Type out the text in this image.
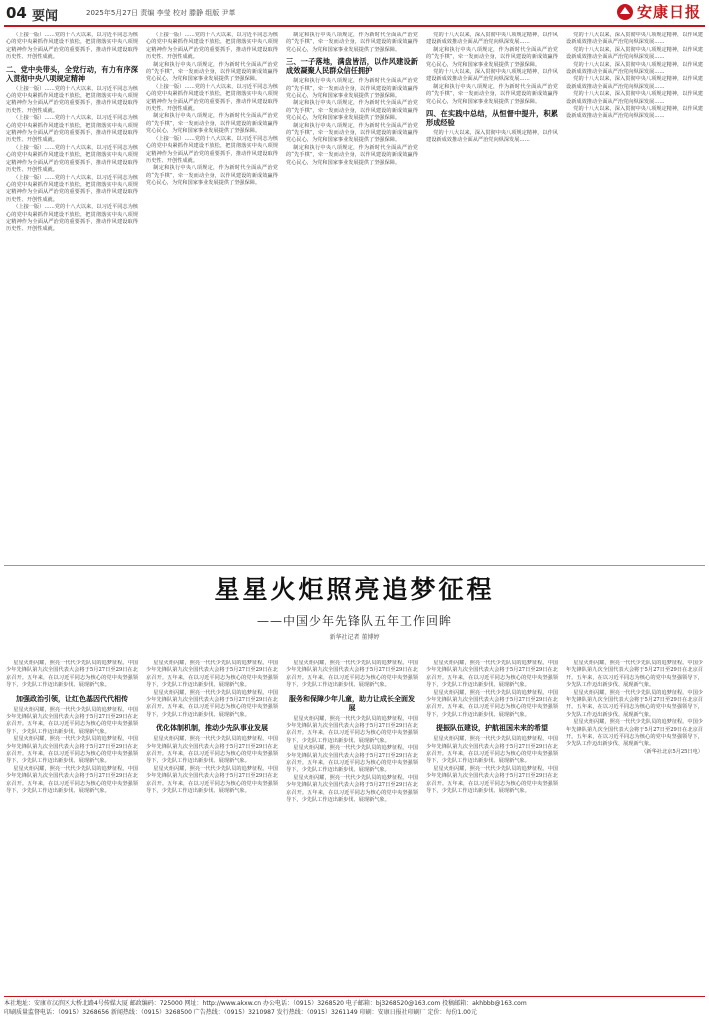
04 要闻	2025年5月27日 责编 李莹 校对 滕静 组版 尹革	安康日报

（上接一版）……党的十八大以来，以习近平同志为核心的党中央紧抓作风建设不放松，把贯彻落实中央八项规定精神作为全面从严治党的重要抓手，推动作风建设取得历史性、开创性成就。

二、党中央带头，全党行动，有力有序深入贯彻中央八项规定精神

（上接一版）……党的十八大以来，以习近平同志为核心的党中央紧抓作风建设不放松，把贯彻落实中央八项规定精神作为全面从严治党的重要抓手，推动作风建设取得历史性、开创性成就。

（上接一版）……党的十八大以来，以习近平同志为核心的党中央紧抓作风建设不放松，把贯彻落实中央八项规定精神作为全面从严治党的重要抓手，推动作风建设取得历史性、开创性成就。

（上接一版）……党的十八大以来，以习近平同志为核心的党中央紧抓作风建设不放松，把贯彻落实中央八项规定精神作为全面从严治党的重要抓手，推动作风建设取得历史性、开创性成就。

（上接一版）……党的十八大以来，以习近平同志为核心的党中央紧抓作风建设不放松，把贯彻落实中央八项规定精神作为全面从严治党的重要抓手，推动作风建设取得历史性、开创性成就。

（上接一版）……党的十八大以来，以习近平同志为核心的党中央紧抓作风建设不放松，把贯彻落实中央八项规定精神作为全面从严治党的重要抓手，推动作风建设取得历史性、开创性成就。

（上接一版）……党的十八大以来，以习近平同志为核心的党中央紧抓作风建设不放松，把贯彻落实中央八项规定精神作为全面从严治党的重要抓手，推动作风建设取得历史性、开创性成就。

制定和执行中央八项规定，作为新时代全面从严治党的“先手棋”，牵一发而动全身，以作风建设的新成效赢得党心民心，为党和国家事业发展提供了坚强保障。

（上接一版）……党的十八大以来，以习近平同志为核心的党中央紧抓作风建设不放松，把贯彻落实中央八项规定精神作为全面从严治党的重要抓手，推动作风建设取得历史性、开创性成就。

制定和执行中央八项规定，作为新时代全面从严治党的“先手棋”，牵一发而动全身，以作风建设的新成效赢得党心民心，为党和国家事业发展提供了坚强保障。

（上接一版）……党的十八大以来，以习近平同志为核心的党中央紧抓作风建设不放松，把贯彻落实中央八项规定精神作为全面从严治党的重要抓手，推动作风建设取得历史性、开创性成就。

制定和执行中央八项规定，作为新时代全面从严治党的“先手棋”，牵一发而动全身，以作风建设的新成效赢得党心民心，为党和国家事业发展提供了坚强保障。

制定和执行中央八项规定，作为新时代全面从严治党的“先手棋”，牵一发而动全身，以作风建设的新成效赢得党心民心，为党和国家事业发展提供了坚强保障。

三、一子落地，满盘皆活，以作风建设新成效凝聚人民群众信任拥护

制定和执行中央八项规定，作为新时代全面从严治党的“先手棋”，牵一发而动全身，以作风建设的新成效赢得党心民心，为党和国家事业发展提供了坚强保障。

制定和执行中央八项规定，作为新时代全面从严治党的“先手棋”，牵一发而动全身，以作风建设的新成效赢得党心民心，为党和国家事业发展提供了坚强保障。

制定和执行中央八项规定，作为新时代全面从严治党的“先手棋”，牵一发而动全身，以作风建设的新成效赢得党心民心，为党和国家事业发展提供了坚强保障。

制定和执行中央八项规定，作为新时代全面从严治党的“先手棋”，牵一发而动全身，以作风建设的新成效赢得党心民心，为党和国家事业发展提供了坚强保障。

党的十八大以来，深入贯彻中央八项规定精神，以作风建设新成效推动全面从严治党向纵深发展……

制定和执行中央八项规定，作为新时代全面从严治党的“先手棋”，牵一发而动全身，以作风建设的新成效赢得党心民心，为党和国家事业发展提供了坚强保障。

党的十八大以来，深入贯彻中央八项规定精神，以作风建设新成效推动全面从严治党向纵深发展……

制定和执行中央八项规定，作为新时代全面从严治党的“先手棋”，牵一发而动全身，以作风建设的新成效赢得党心民心，为党和国家事业发展提供了坚强保障。

四、在实践中总结，从恒督中提升，积累形成经验

党的十八大以来，深入贯彻中央八项规定精神，以作风建设新成效推动全面从严治党向纵深发展……

党的十八大以来，深入贯彻中央八项规定精神，以作风建设新成效推动全面从严治党向纵深发展……

党的十八大以来，深入贯彻中央八项规定精神，以作风建设新成效推动全面从严治党向纵深发展……

党的十八大以来，深入贯彻中央八项规定精神，以作风建设新成效推动全面从严治党向纵深发展……

党的十八大以来，深入贯彻中央八项规定精神，以作风建设新成效推动全面从严治党向纵深发展……

党的十八大以来，深入贯彻中央八项规定精神，以作风建设新成效推动全面从严治党向纵深发展……

党的十八大以来，深入贯彻中央八项规定精神，以作风建设新成效推动全面从严治党向纵深发展……

星星火炬照亮追梦征程
——中国少年先锋队五年工作回眸
新华社记者 董博婷

星星火炬闪耀，照亮一代代少先队员的追梦征程。中国少年先锋队第九次全国代表大会将于5月27日至29日在北京召开。五年来，在以习近平同志为核心的党中央坚强领导下，少先队工作迈出新步伐、展现新气象。

加强政治引领，让红色基因代代相传

星星火炬闪耀，照亮一代代少先队员的追梦征程。中国少年先锋队第九次全国代表大会将于5月27日至29日在北京召开。五年来，在以习近平同志为核心的党中央坚强领导下，少先队工作迈出新步伐、展现新气象。

星星火炬闪耀，照亮一代代少先队员的追梦征程。中国少年先锋队第九次全国代表大会将于5月27日至29日在北京召开。五年来，在以习近平同志为核心的党中央坚强领导下，少先队工作迈出新步伐、展现新气象。

星星火炬闪耀，照亮一代代少先队员的追梦征程。中国少年先锋队第九次全国代表大会将于5月27日至29日在北京召开。五年来，在以习近平同志为核心的党中央坚强领导下，少先队工作迈出新步伐、展现新气象。

星星火炬闪耀，照亮一代代少先队员的追梦征程。中国少年先锋队第九次全国代表大会将于5月27日至29日在北京召开。五年来，在以习近平同志为核心的党中央坚强领导下，少先队工作迈出新步伐、展现新气象。

星星火炬闪耀，照亮一代代少先队员的追梦征程。中国少年先锋队第九次全国代表大会将于5月27日至29日在北京召开。五年来，在以习近平同志为核心的党中央坚强领导下，少先队工作迈出新步伐、展现新气象。

优化体制机制，推动少先队事业发展

星星火炬闪耀，照亮一代代少先队员的追梦征程。中国少年先锋队第九次全国代表大会将于5月27日至29日在北京召开。五年来，在以习近平同志为核心的党中央坚强领导下，少先队工作迈出新步伐、展现新气象。

星星火炬闪耀，照亮一代代少先队员的追梦征程。中国少年先锋队第九次全国代表大会将于5月27日至29日在北京召开。五年来，在以习近平同志为核心的党中央坚强领导下，少先队工作迈出新步伐、展现新气象。

星星火炬闪耀，照亮一代代少先队员的追梦征程。中国少年先锋队第九次全国代表大会将于5月27日至29日在北京召开。五年来，在以习近平同志为核心的党中央坚强领导下，少先队工作迈出新步伐、展现新气象。

服务和保障少年儿童，助力让成长全面发展

星星火炬闪耀，照亮一代代少先队员的追梦征程。中国少年先锋队第九次全国代表大会将于5月27日至29日在北京召开。五年来，在以习近平同志为核心的党中央坚强领导下，少先队工作迈出新步伐、展现新气象。

星星火炬闪耀，照亮一代代少先队员的追梦征程。中国少年先锋队第九次全国代表大会将于5月27日至29日在北京召开。五年来，在以习近平同志为核心的党中央坚强领导下，少先队工作迈出新步伐、展现新气象。

星星火炬闪耀，照亮一代代少先队员的追梦征程。中国少年先锋队第九次全国代表大会将于5月27日至29日在北京召开。五年来，在以习近平同志为核心的党中央坚强领导下，少先队工作迈出新步伐、展现新气象。

星星火炬闪耀，照亮一代代少先队员的追梦征程。中国少年先锋队第九次全国代表大会将于5月27日至29日在北京召开。五年来，在以习近平同志为核心的党中央坚强领导下，少先队工作迈出新步伐、展现新气象。

星星火炬闪耀，照亮一代代少先队员的追梦征程。中国少年先锋队第九次全国代表大会将于5月27日至29日在北京召开。五年来，在以习近平同志为核心的党中央坚强领导下，少先队工作迈出新步伐、展现新气象。

提振队伍建设，护航祖国未来的希望

星星火炬闪耀，照亮一代代少先队员的追梦征程。中国少年先锋队第九次全国代表大会将于5月27日至29日在北京召开。五年来，在以习近平同志为核心的党中央坚强领导下，少先队工作迈出新步伐、展现新气象。

星星火炬闪耀，照亮一代代少先队员的追梦征程。中国少年先锋队第九次全国代表大会将于5月27日至29日在北京召开。五年来，在以习近平同志为核心的党中央坚强领导下，少先队工作迈出新步伐、展现新气象。

星星火炬闪耀，照亮一代代少先队员的追梦征程。中国少年先锋队第九次全国代表大会将于5月27日至29日在北京召开。五年来，在以习近平同志为核心的党中央坚强领导下，少先队工作迈出新步伐、展现新气象。

星星火炬闪耀，照亮一代代少先队员的追梦征程。中国少年先锋队第九次全国代表大会将于5月27日至29日在北京召开。五年来，在以习近平同志为核心的党中央坚强领导下，少先队工作迈出新步伐、展现新气象。

星星火炬闪耀，照亮一代代少先队员的追梦征程。中国少年先锋队第九次全国代表大会将于5月27日至29日在北京召开。五年来，在以习近平同志为核心的党中央坚强领导下，少先队工作迈出新步伐、展现新气象。

（新华社北京5月25日电）

本社地址：安康市汉滨区大桥北路4号传媒大厦 邮政编码：725000 网址：http://www.akxw.cn 办公电话：（0915）3268520 电子邮箱：bj3268520@163.com 投稿邮箱：akhbbb@163.com
印刷质量监督电话：（0915）3268656 新闻热线：（0915）3268500 广告热线：（0915）3210987 发行热线：（0915）3261149 印刷：安康日报社印刷厂 定价：每份1.00元
